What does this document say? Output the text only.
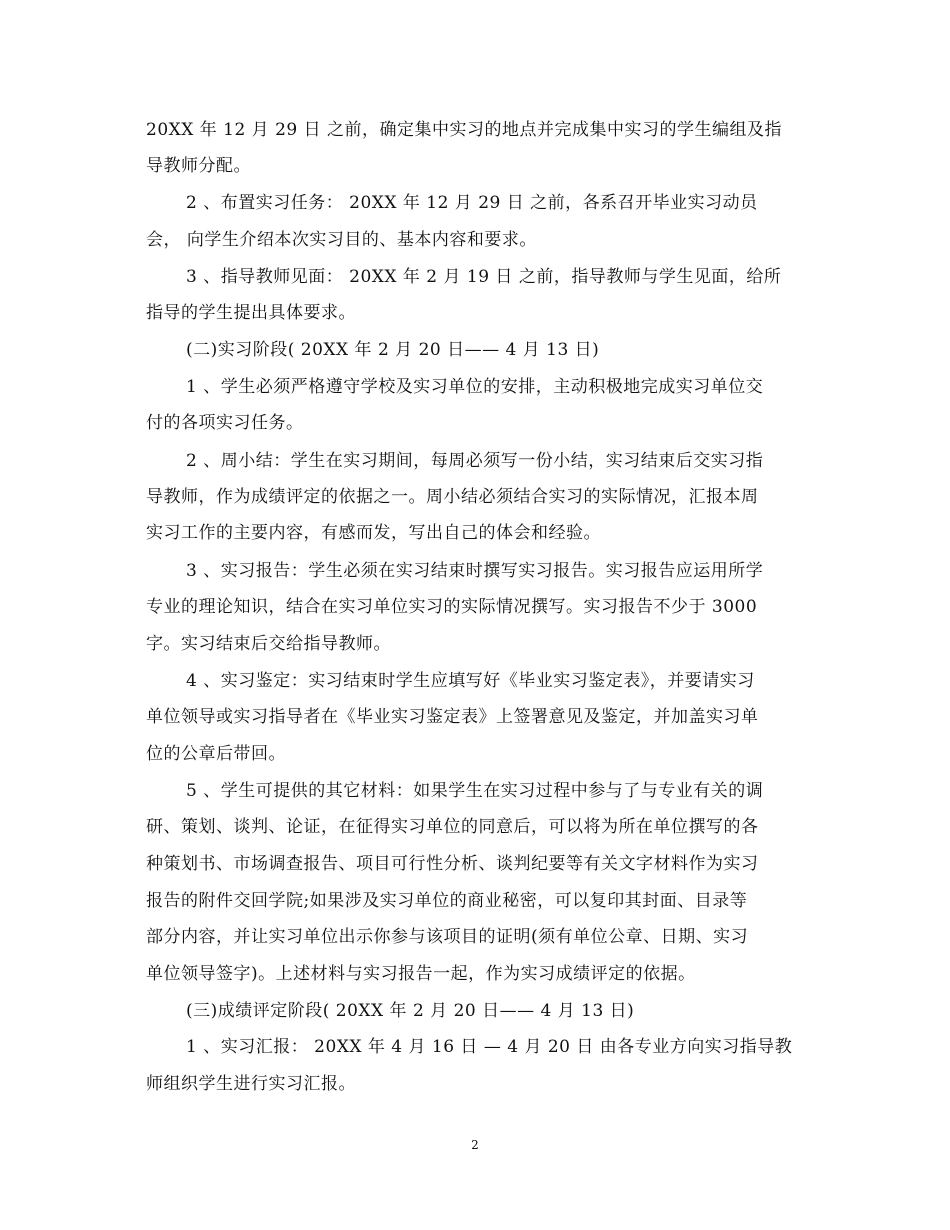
20XX 年 12 月 29 日 之前，确定集中实习的地点并完成集中实习的学生编组及指
导教师分配。
2 、布置实习任务： 20XX 年 12 月 29 日 之前，各系召开毕业实习动员
会， 向学生介绍本次实习目的、基本内容和要求。
3 、指导教师见面： 20XX 年 2 月 19 日 之前，指导教师与学生见面，给所
指导的学生提出具体要求。
(二)实习阶段( 20XX 年 2 月 20 日—— 4 月 13 日)
1 、学生必须严格遵守学校及实习单位的安排，主动积极地完成实习单位交
付的各项实习任务。
2 、周小结：学生在实习期间，每周必须写一份小结，实习结束后交实习指
导教师，作为成绩评定的依据之一。周小结必须结合实习的实际情况，汇报本周
实习工作的主要内容，有感而发，写出自己的体会和经验。
3 、实习报告：学生必须在实习结束时撰写实习报告。实习报告应运用所学
专业的理论知识，结合在实习单位实习的实际情况撰写。实习报告不少于 3000
字。实习结束后交给指导教师。
4 、实习鉴定：实习结束时学生应填写好《毕业实习鉴定表》，并要请实习
单位领导或实习指导者在《毕业实习鉴定表》上签署意见及鉴定，并加盖实习单
位的公章后带回。
5 、学生可提供的其它材料：如果学生在实习过程中参与了与专业有关的调
研、策划、谈判、论证，在征得实习单位的同意后，可以将为所在单位撰写的各
种策划书、市场调查报告、项目可行性分析、谈判纪要等有关文字材料作为实习
报告的附件交回学院;如果涉及实习单位的商业秘密，可以复印其封面、目录等
部分内容，并让实习单位出示你参与该项目的证明(须有单位公章、日期、实习
单位领导签字)。上述材料与实习报告一起，作为实习成绩评定的依据。
(三)成绩评定阶段( 20XX 年 2 月 20 日—— 4 月 13 日)
1 、实习汇报： 20XX 年 4 月 16 日 — 4 月 20 日 由各专业方向实习指导教
师组织学生进行实习汇报。
2
